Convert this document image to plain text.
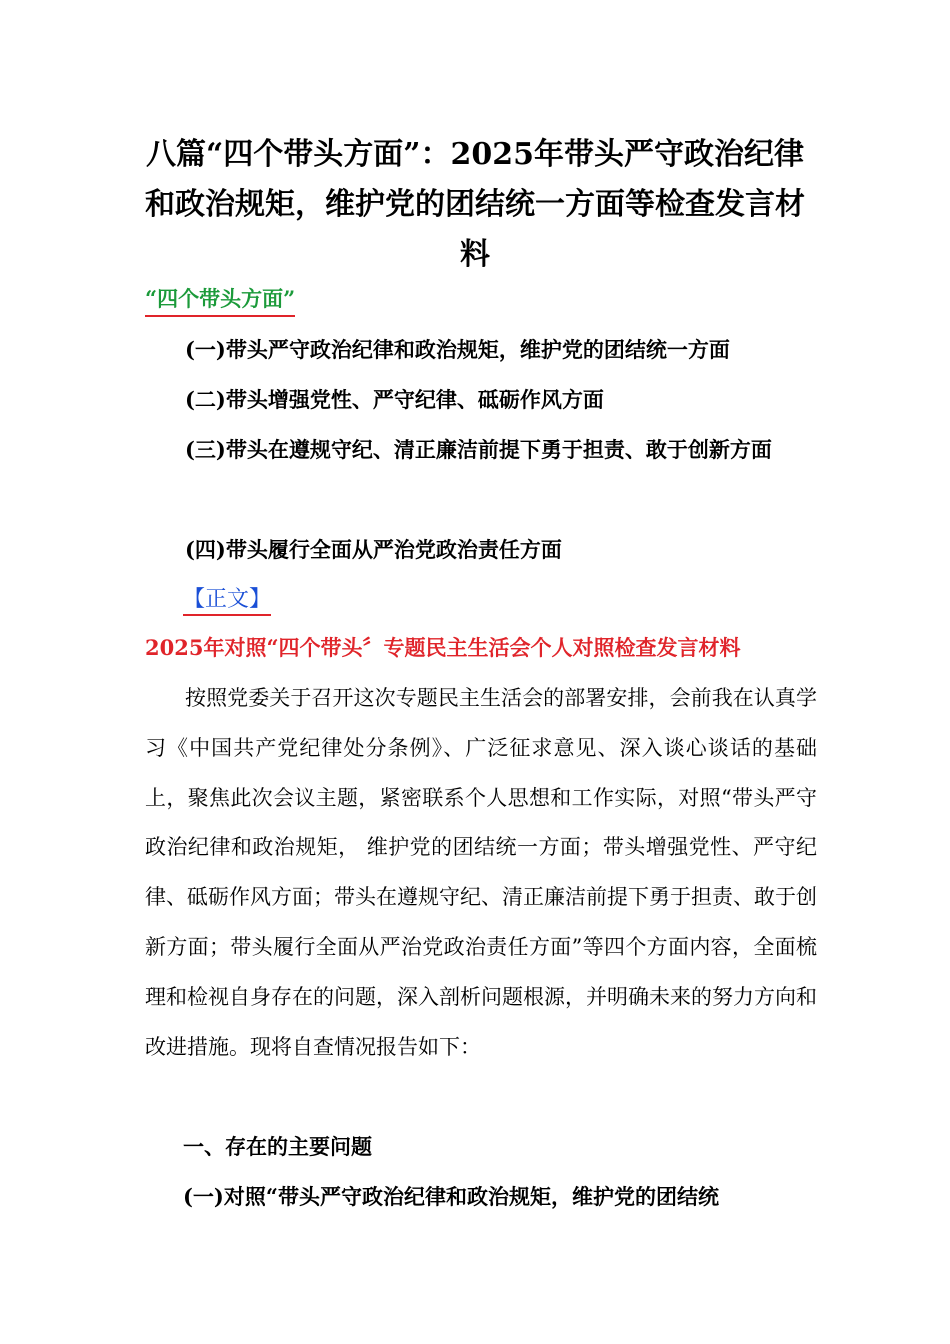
八篇“四个带头方面”：2025年带头严守政治纪律和政治规矩，维护党的团结统一方面等检查发言材料
“四个带头方面”
(一)带头严守政治纪律和政治规矩，维护党的团结统一方面
(二)带头增强党性、严守纪律、砥砺作风方面
(三)带头在遵规守纪、清正廉洁前提下勇于担责、敢于创新方面
(四)带头履行全面从严治党政治责任方面
【正文】
2025年对照“四个带头〞专题民主生活会个人对照检查发言材料
按照党委关于召开这次专题民主生活会的部署安排，会前我在认真学习《中国共产党纪律处分条例》、广泛征求意见、深入谈心谈话的基础上，聚焦此次会议主题，紧密联系个人思想和工作实际，对照“带头严守政治纪律和政治规矩， 维护党的团结统一方面；带头增强党性、严守纪律、砥砺作风方面；带头在遵规守纪、清正廉洁前提下勇于担责、敢于创新方面；带头履行全面从严治党政治责任方面”等四个方面内容，全面梳理和检视自身存在的问题，深入剖析问题根源，并明确未来的努力方向和改进措施。现将自查情况报告如下：
一、存在的主要问题
(一)对照“带头严守政治纪律和政治规矩，维护党的团结统
